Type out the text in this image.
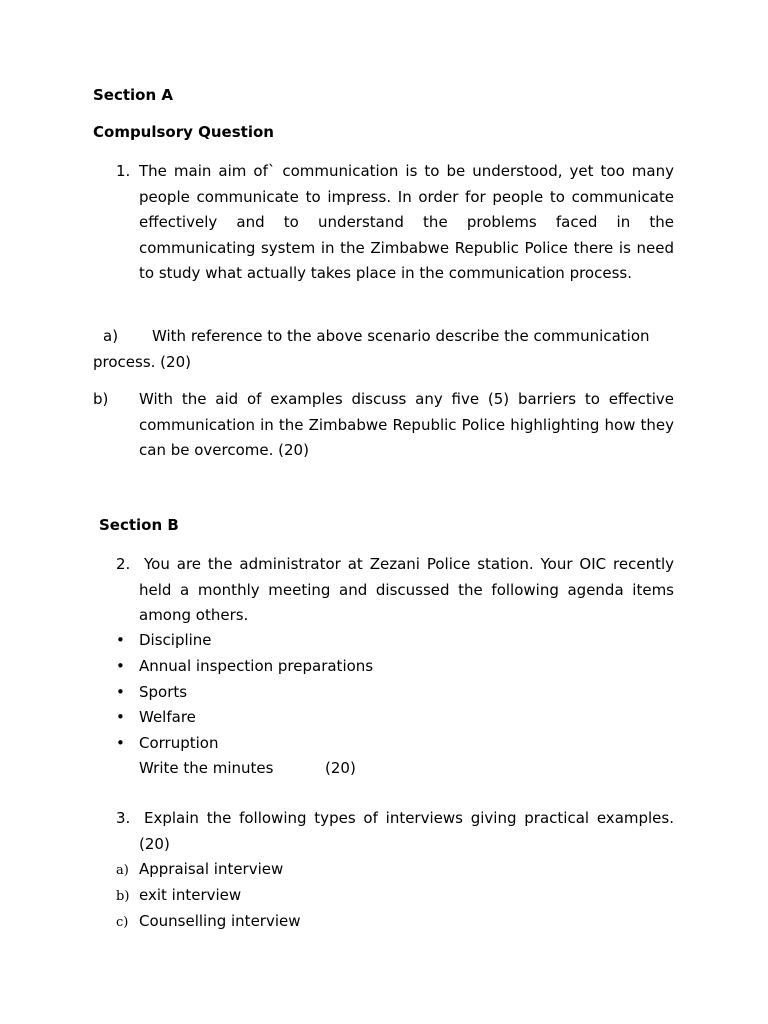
Section A
Compulsory Question
1. The main aim of` communication is to be understood, yet too many people communicate to impress. In order for people to communicate effectively and to understand the problems faced in the communicating system in the Zimbabwe Republic Police there is need to study what actually takes place in the communication process.

a) With reference to the above scenario describe the communication
process. (20)
b) With the aid of examples discuss any five (5) barriers to effective communication in the Zimbabwe Republic Police highlighting how they can be overcome. (20)

Section B
2. You are the administrator at Zezani Police station. Your OIC recently held a monthly meeting and discussed the following agenda items among others.

• Discipline
• Annual inspection preparations
• Sports
• Welfare
• Corruption
Write the minutes	(20)
3. Explain the following types of interviews giving practical examples. (20)

a) Appraisal interview
b) exit interview
c) Counselling interview
